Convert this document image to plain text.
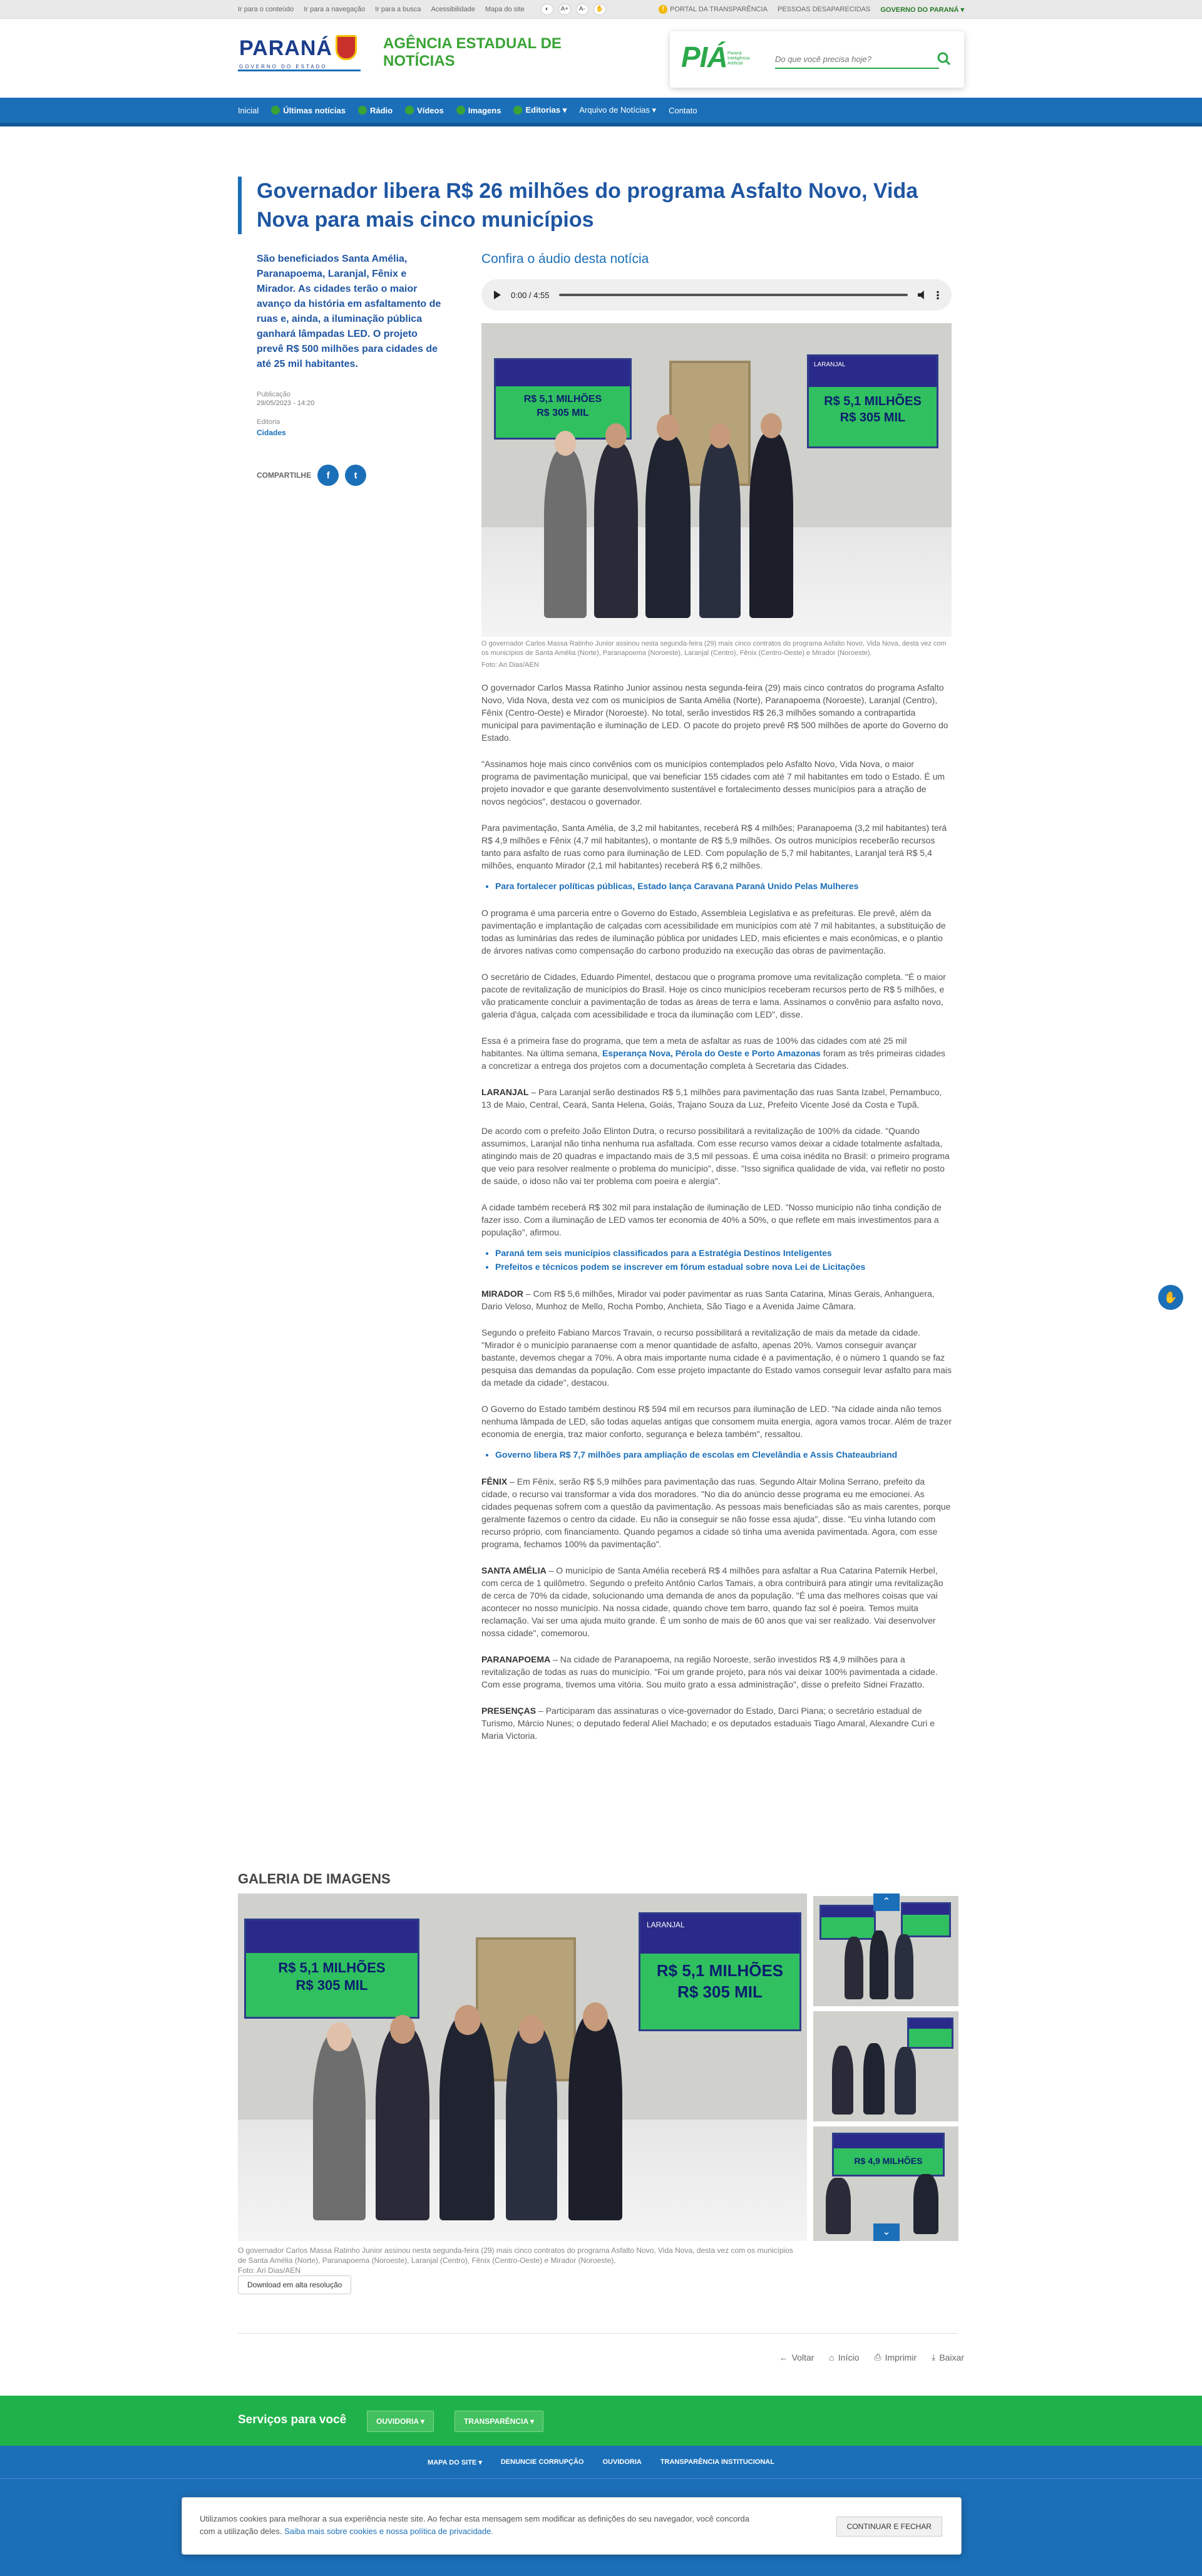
Ir para o conteúdo Ir para a navegação Ir para a busca Acessibilidade Mapa do site	◐	A+	A-	✋	! PORTAL DA TRANSPARÊNCIA PESSOAS DESAPARECIDAS GOVERNO DO PARANÁ ▾
PARANÁ
GOVERNO DO ESTADO
AGÊNCIA ESTADUAL DE NOTÍCIAS	PIÁ Paraná Inteligência Artificial
Do que você precisa hoje?
Inicial	Últimas notícias	Rádio	Vídeos	Imagens	Editorias ▾ Arquivo de Notícias ▾ Contato
Governador libera R$ 26 milhões do programa Asfalto Novo, Vida Nova para mais cinco municípios

São beneficiados Santa Amélia, Paranapoema, Laranjal, Fênix e Mirador. As cidades terão o maior avanço da história em asfaltamento de ruas e, ainda, a iluminação pública ganhará lâmpadas LED. O projeto prevê R$ 500 milhões para cidades de até 25 mil habitantes.

Publicação
29/05/2023 - 14:20
Editoria
Cidades
COMPARTILHE	f	t
Confira o áudio desta notícia
0:00 / 4:55
R$ 5,1 MILHÕES
R$ 305 MIL
LARANJAL
R$ 5,1 MILHÕES
R$ 305 MIL

O governador Carlos Massa Ratinho Junior assinou nesta segunda-feira (29) mais cinco contratos do programa Asfalto Novo, Vida Nova, desta vez com os municípios de Santa Amélia (Norte), Paranapoema (Noroeste), Laranjal (Centro), Fênix (Centro-Oeste) e Mirador (Noroeste).

Foto: Ari Dias/AEN

O governador Carlos Massa Ratinho Junior assinou nesta segunda-feira (29) mais cinco contratos do programa Asfalto Novo, Vida Nova, desta vez com os municípios de Santa Amélia (Norte), Paranapoema (Noroeste), Laranjal (Centro), Fênix (Centro-Oeste) e Mirador (Noroeste). No total, serão investidos R$ 26,3 milhões somando a contrapartida municipal para pavimentação e iluminação de LED. O pacote do projeto prevê R$ 500 milhões de aporte do Governo do Estado.

"Assinamos hoje mais cinco convênios com os municípios contemplados pelo Asfalto Novo, Vida Nova, o maior programa de pavimentação municipal, que vai beneficiar 155 cidades com até 7 mil habitantes em todo o Estado. É um projeto inovador e que garante desenvolvimento sustentável e fortalecimento desses municípios para a atração de novos negócios", destacou o governador.

Para pavimentação, Santa Amélia, de 3,2 mil habitantes, receberá R$ 4 milhões; Paranapoema (3,2 mil habitantes) terá R$ 4,9 milhões e Fênix (4,7 mil habitantes), o montante de R$ 5,9 milhões. Os outros municípios receberão recursos tanto para asfalto de ruas como para iluminação de LED. Com população de 5,7 mil habitantes, Laranjal terá R$ 5,4 milhões, enquanto Mirador (2,1 mil habitantes) receberá R$ 6,2 milhões.

• Para fortalecer políticas públicas, Estado lança Caravana Paraná Unido Pelas Mulheres

O programa é uma parceria entre o Governo do Estado, Assembleia Legislativa e as prefeituras. Ele prevê, além da pavimentação e implantação de calçadas com acessibilidade em municípios com até 7 mil habitantes, a substituição de todas as luminárias das redes de iluminação pública por unidades LED, mais eficientes e mais econômicas, e o plantio de árvores nativas como compensação do carbono produzido na execução das obras de pavimentação.

O secretário de Cidades, Eduardo Pimentel, destacou que o programa promove uma revitalização completa. "É o maior pacote de revitalização de municípios do Brasil. Hoje os cinco municípios receberam recursos perto de R$ 5 milhões, e vão praticamente concluir a pavimentação de todas as áreas de terra e lama. Assinamos o convênio para asfalto novo, galeria d'água, calçada com acessibilidade e troca da iluminação com LED", disse.

Essa é a primeira fase do programa, que tem a meta de asfaltar as ruas de 100% das cidades com até 25 mil habitantes. Na última semana, Esperança Nova, Pérola do Oeste e Porto Amazonas foram as três primeiras cidades a concretizar a entrega dos projetos com a documentação completa à Secretaria das Cidades.

LARANJAL – Para Laranjal serão destinados R$ 5,1 milhões para pavimentação das ruas Santa Izabel, Pernambuco, 13 de Maio, Central, Ceará, Santa Helena, Goiás, Trajano Souza da Luz, Prefeito Vicente José da Costa e Tupã.

De acordo com o prefeito João Elinton Dutra, o recurso possibilitará a revitalização de 100% da cidade. "Quando assumimos, Laranjal não tinha nenhuma rua asfaltada. Com esse recurso vamos deixar a cidade totalmente asfaltada, atingindo mais de 20 quadras e impactando mais de 3,5 mil pessoas. É uma coisa inédita no Brasil: o primeiro programa que veio para resolver realmente o problema do município", disse. "Isso significa qualidade de vida, vai refletir no posto de saúde, o idoso não vai ter problema com poeira e alergia".

A cidade também receberá R$ 302 mil para instalação de iluminação de LED. "Nosso município não tinha condição de fazer isso. Com a iluminação de LED vamos ter economia de 40% a 50%, o que reflete em mais investimentos para a população", afirmou.

• Paraná tem seis municípios classificados para a Estratégia Destinos Inteligentes
• Prefeitos e técnicos podem se inscrever em fórum estadual sobre nova Lei de Licitações

MIRADOR – Com R$ 5,6 milhões, Mirador vai poder pavimentar as ruas Santa Catarina, Minas Gerais, Anhanguera, Dario Veloso, Munhoz de Mello, Rocha Pombo, Anchieta, São Tiago e a Avenida Jaime Câmara.

Segundo o prefeito Fabiano Marcos Travain, o recurso possibilitará a revitalização de mais da metade da cidade. "Mirador é o município paranaense com a menor quantidade de asfalto, apenas 20%. Vamos conseguir avançar bastante, devemos chegar a 70%. A obra mais importante numa cidade é a pavimentação, é o número 1 quando se faz pesquisa das demandas da população. Com esse projeto impactante do Estado vamos conseguir levar asfalto para mais da metade da cidade", destacou.

O Governo do Estado também destinou R$ 594 mil em recursos para iluminação de LED. "Na cidade ainda não temos nenhuma lâmpada de LED, são todas aquelas antigas que consomem muita energia, agora vamos trocar. Além de trazer economia de energia, traz maior conforto, segurança e beleza também", ressaltou.

• Governo libera R$ 7,7 milhões para ampliação de escolas em Clevelândia e Assis Chateaubriand

FÊNIX – Em Fênix, serão R$ 5,9 milhões para pavimentação das ruas. Segundo Altair Molina Serrano, prefeito da cidade, o recurso vai transformar a vida dos moradores. "No dia do anúncio desse programa eu me emocionei. As cidades pequenas sofrem com a questão da pavimentação. As pessoas mais beneficiadas são as mais carentes, porque geralmente fazemos o centro da cidade. Eu não ia conseguir se não fosse essa ajuda", disse. "Eu vinha lutando com recurso próprio, com financiamento. Quando pegamos a cidade só tinha uma avenida pavimentada. Agora, com esse programa, fechamos 100% da pavimentação".

SANTA AMÉLIA – O município de Santa Amélia receberá R$ 4 milhões para asfaltar a Rua Catarina Paternik Herbel, com cerca de 1 quilômetro. Segundo o prefeito Antônio Carlos Tamais, a obra contribuirá para atingir uma revitalização de cerca de 70% da cidade, solucionando uma demanda de anos da população. "É uma das melhores coisas que vai acontecer no nosso município. Na nossa cidade, quando chove tem barro, quando faz sol é poeira. Temos muita reclamação. Vai ser uma ajuda muito grande. É um sonho de mais de 60 anos que vai ser realizado. Vai desenvolver nossa cidade", comemorou.

PARANAPOEMA – Na cidade de Paranapoema, na região Noroeste, serão investidos R$ 4,9 milhões para a revitalização de todas as ruas do município. "Foi um grande projeto, para nós vai deixar 100% pavimentada a cidade. Com esse programa, tivemos uma vitória. Sou muito grato a essa administração", disse o prefeito Sidnei Frazatto.

PRESENÇAS – Participaram das assinaturas o vice-governador do Estado, Darci Piana; o secretário estadual de Turismo, Márcio Nunes; o deputado federal Aliel Machado; e os deputados estaduais Tiago Amaral, Alexandre Curi e Maria Victoria.

GALERIA DE IMAGENS
R$ 5,1 MILHÕES
R$ 305 MIL
LARANJAL
R$ 5,1 MILHÕES
R$ 305 MIL
⌃
R$ 4,9 MILHÕES
⌄

O governador Carlos Massa Ratinho Junior assinou nesta segunda-feira (29) mais cinco contratos do programa Asfalto Novo, Vida Nova, desta vez com os municípios de Santa Amélia (Norte), Paranapoema (Noroeste), Laranjal (Centro), Fênix (Centro-Oeste) e Mirador (Noroeste).
Foto: Ari Dias/AEN

Download em alta resolução
← Voltar ⌂ Início ⎙ Imprimir ⤓ Baixar
✋
Serviços para você	OUVIDORIA ▾	TRANSPARÊNCIA ▾
MAPA DO SITE ▾	DENUNCIE CORRUPÇÃO	OUVIDORIA	TRANSPARÊNCIA INSTITUCIONAL

Utilizamos cookies para melhorar a sua experiência neste site. Ao fechar esta mensagem sem modificar as definições do seu navegador, você concorda com a utilização deles. Saiba mais sobre cookies e nossa política de privacidade.	CONTINUAR E FECHAR
